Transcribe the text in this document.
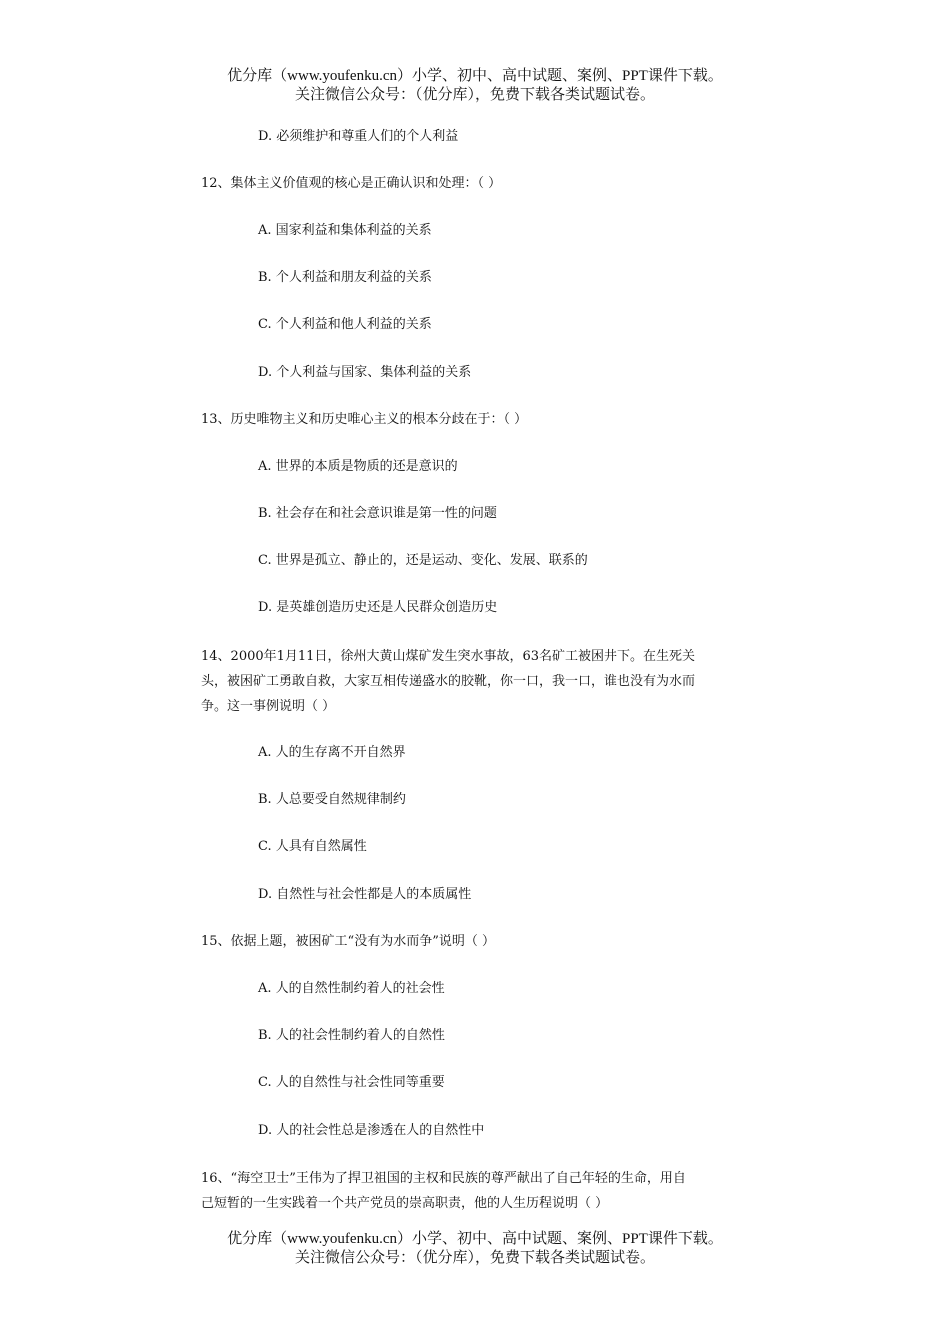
优分库（www.youfenku.cn）小学、初中、高中试题、案例、PPT课件下载。
关注微信公众号：（优分库），免费下载各类试题试卷。
D. 必须维护和尊重人们的个人利益
12、集体主义价值观的核心是正确认识和处理：（ ）
A. 国家利益和集体利益的关系
B. 个人利益和朋友利益的关系
C. 个人利益和他人利益的关系
D. 个人利益与国家、集体利益的关系
13、历史唯物主义和历史唯心主义的根本分歧在于：（ ）
A. 世界的本质是物质的还是意识的
B. 社会存在和社会意识谁是第一性的问题
C. 世界是孤立、静止的，还是运动、变化、发展、联系的
D. 是英雄创造历史还是人民群众创造历史
14、2000年1月11日，徐州大黄山煤矿发生突水事故，63名矿工被困井下。在生死关
头，被困矿工勇敢自救，大家互相传递盛水的胶靴，你一口，我一口，谁也没有为水而
争。这一事例说明（ ）
A. 人的生存离不开自然界
B. 人总要受自然规律制约
C. 人具有自然属性
D. 自然性与社会性都是人的本质属性
15、依据上题，被困矿工“没有为水而争”说明（ ）
A. 人的自然性制约着人的社会性
B. 人的社会性制约着人的自然性
C. 人的自然性与社会性同等重要
D. 人的社会性总是渗透在人的自然性中
16、“海空卫士”王伟为了捍卫祖国的主权和民族的尊严献出了自己年轻的生命，用自
己短暂的一生实践着一个共产党员的崇高职责，他的人生历程说明（ ）
优分库（www.youfenku.cn）小学、初中、高中试题、案例、PPT课件下载。
关注微信公众号：（优分库），免费下载各类试题试卷。
